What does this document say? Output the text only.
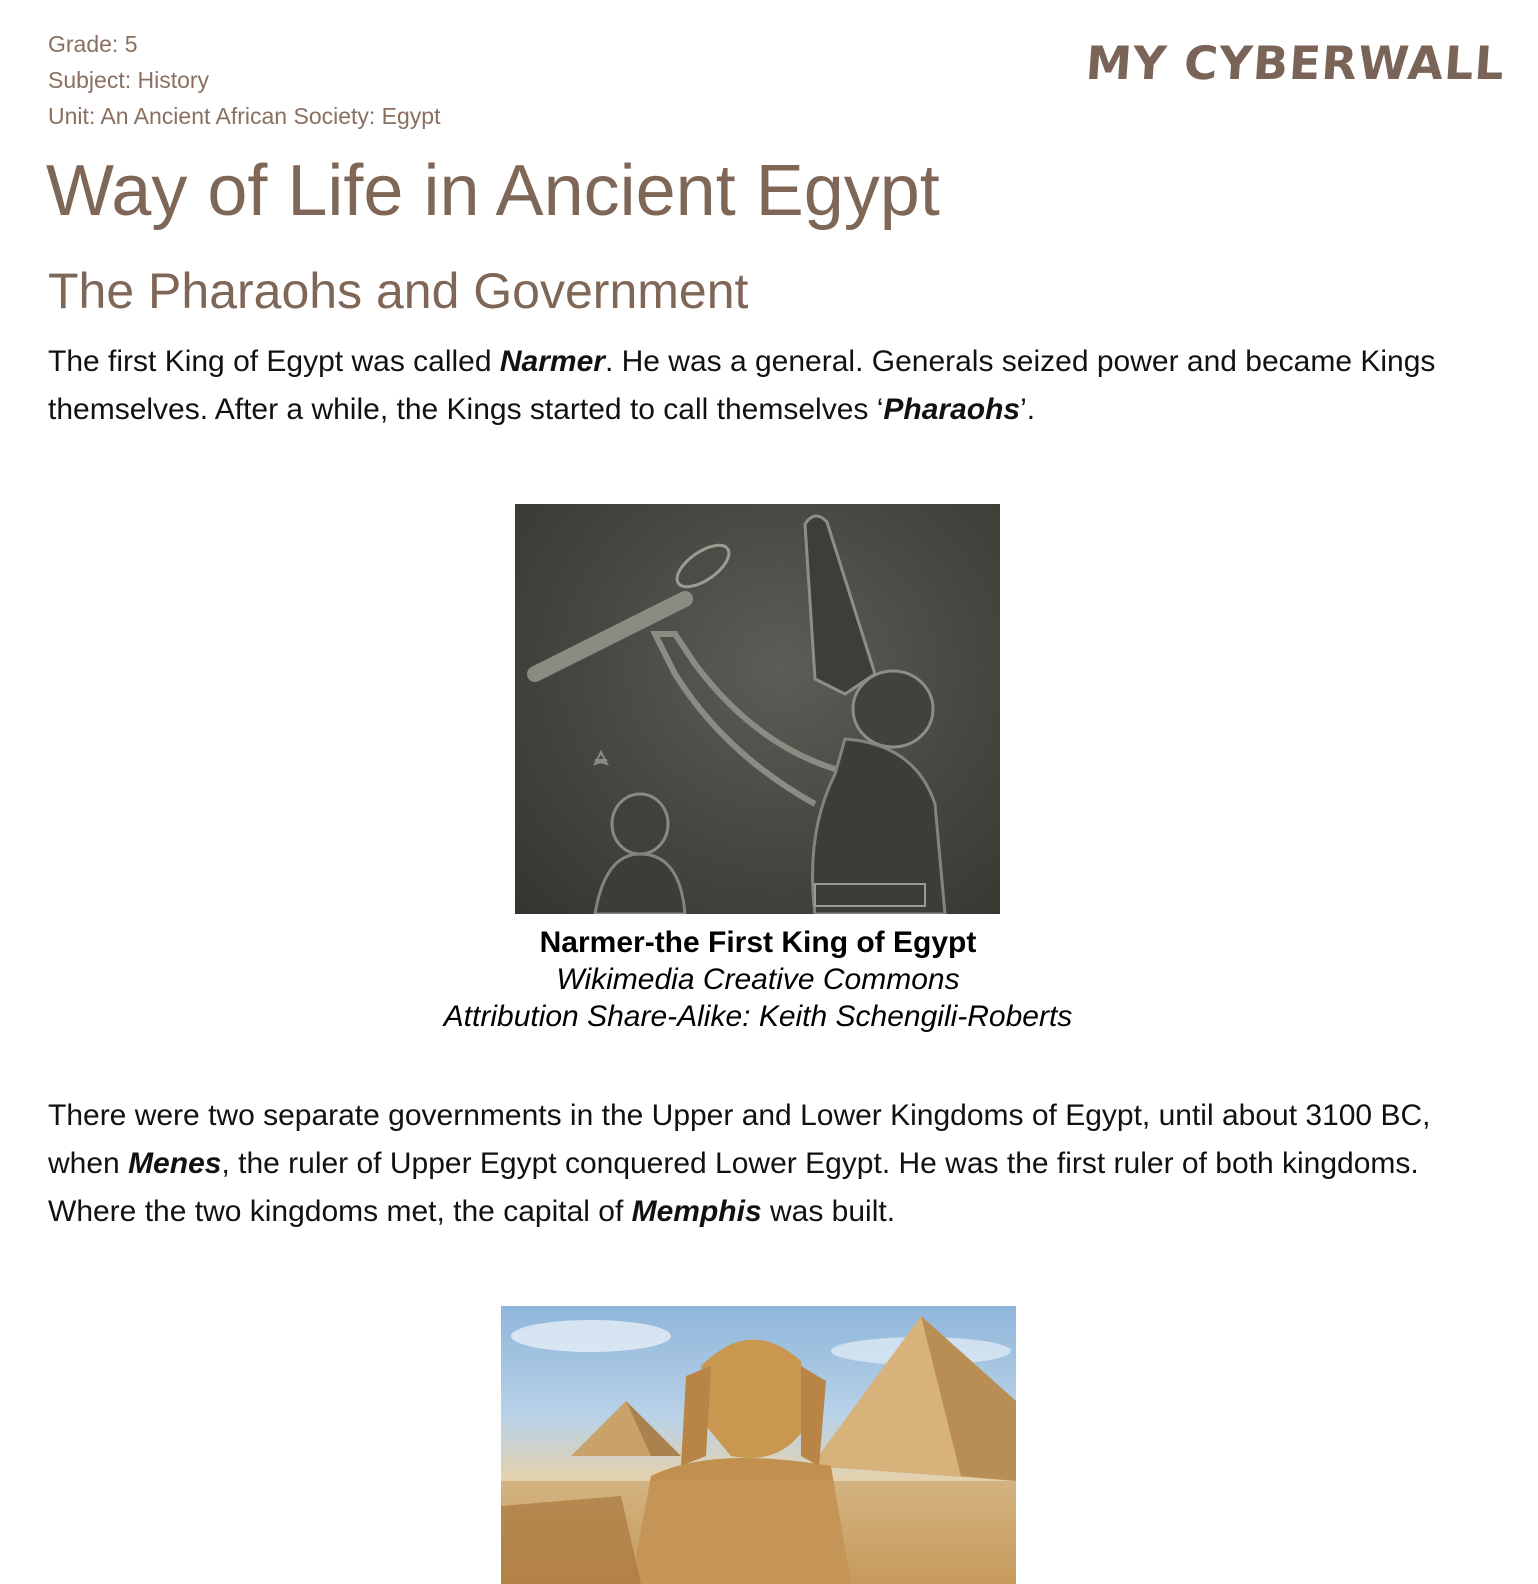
Grade: 5
Subject: History
Unit: An Ancient African Society: Egypt
MY CYBERWALL
Way of Life in Ancient Egypt
The Pharaohs and Government

The first King of Egypt was called Narmer. He was a general. Generals seized power and became Kings themselves. After a while, the Kings started to call themselves ‘Pharaohs’.

Narmer-the First King of Egypt
Wikimedia Creative Commons
Attribution Share-Alike: Keith Schengili-Roberts

There were two separate governments in the Upper and Lower Kingdoms of Egypt, until about 3100 BC, when Menes, the ruler of Upper Egypt conquered Lower Egypt. He was the first ruler of both kingdoms. Where the two kingdoms met, the capital of Memphis was built.
